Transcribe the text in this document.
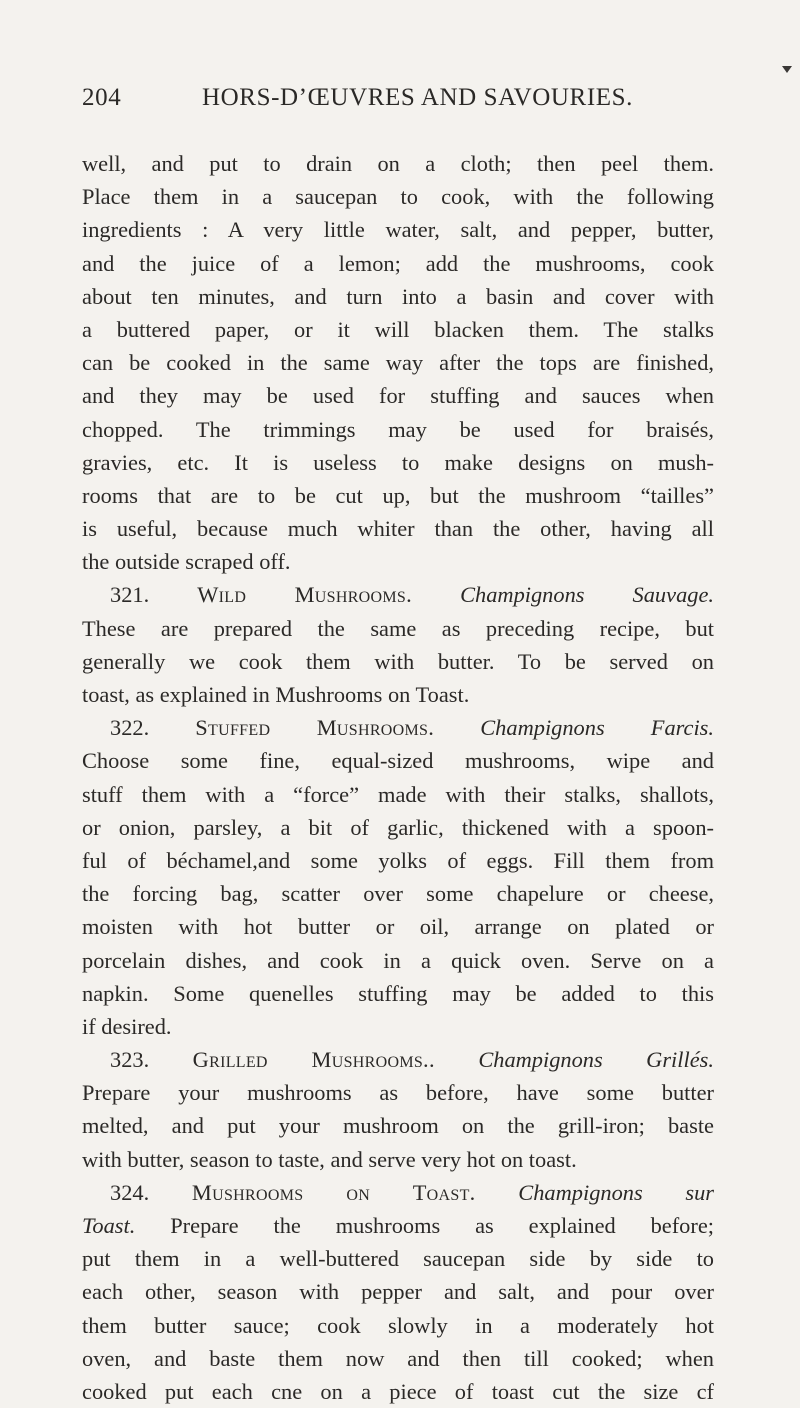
204	HORS-D’ŒUVRES AND SAVOURIES.
well, and put to drain on a cloth; then peel them.
Place them in a saucepan to cook, with the following
ingredients : A very little water, salt, and pepper, butter,
and the juice of a lemon; add the mushrooms, cook
about ten minutes, and turn into a basin and cover with
a buttered paper, or it will blacken them. The stalks
can be cooked in the same way after the tops are finished,
and they may be used for stuffing and sauces when
chopped. The trimmings may be used for braisés,
gravies, etc. It is useless to make designs on mush-
rooms that are to be cut up, but the mushroom “tailles”
is useful, because much whiter than the other, having all
the outside scraped off.
321. Wild Mushrooms. Champignons Sauvage.
These are prepared the same as preceding recipe, but
generally we cook them with butter. To be served on
toast, as explained in Mushrooms on Toast.
322. Stuffed Mushrooms. Champignons Farcis.
Choose some fine, equal-sized mushrooms, wipe and
stuff them with a “force” made with their stalks, shallots,
or onion, parsley, a bit of garlic, thickened with a spoon-
ful of béchamel,and some yolks of eggs. Fill them from
the forcing bag, scatter over some chapelure or cheese,
moisten with hot butter or oil, arrange on plated or
porcelain dishes, and cook in a quick oven. Serve on a
napkin. Some quenelles stuffing may be added to this
if desired.
323. Grilled Mushrooms.. Champignons Grillés.
Prepare your mushrooms as before, have some butter
melted, and put your mushroom on the grill-iron; baste
with butter, season to taste, and serve very hot on toast.
324. Mushrooms on Toast. Champignons sur
Toast. Prepare the mushrooms as explained before;
put them in a well-buttered saucepan side by side to
each other, season with pepper and salt, and pour over
them butter sauce; cook slowly in a moderately hot
oven, and baste them now and then till cooked; when
cooked put each cne on a piece of toast cut the size cf
